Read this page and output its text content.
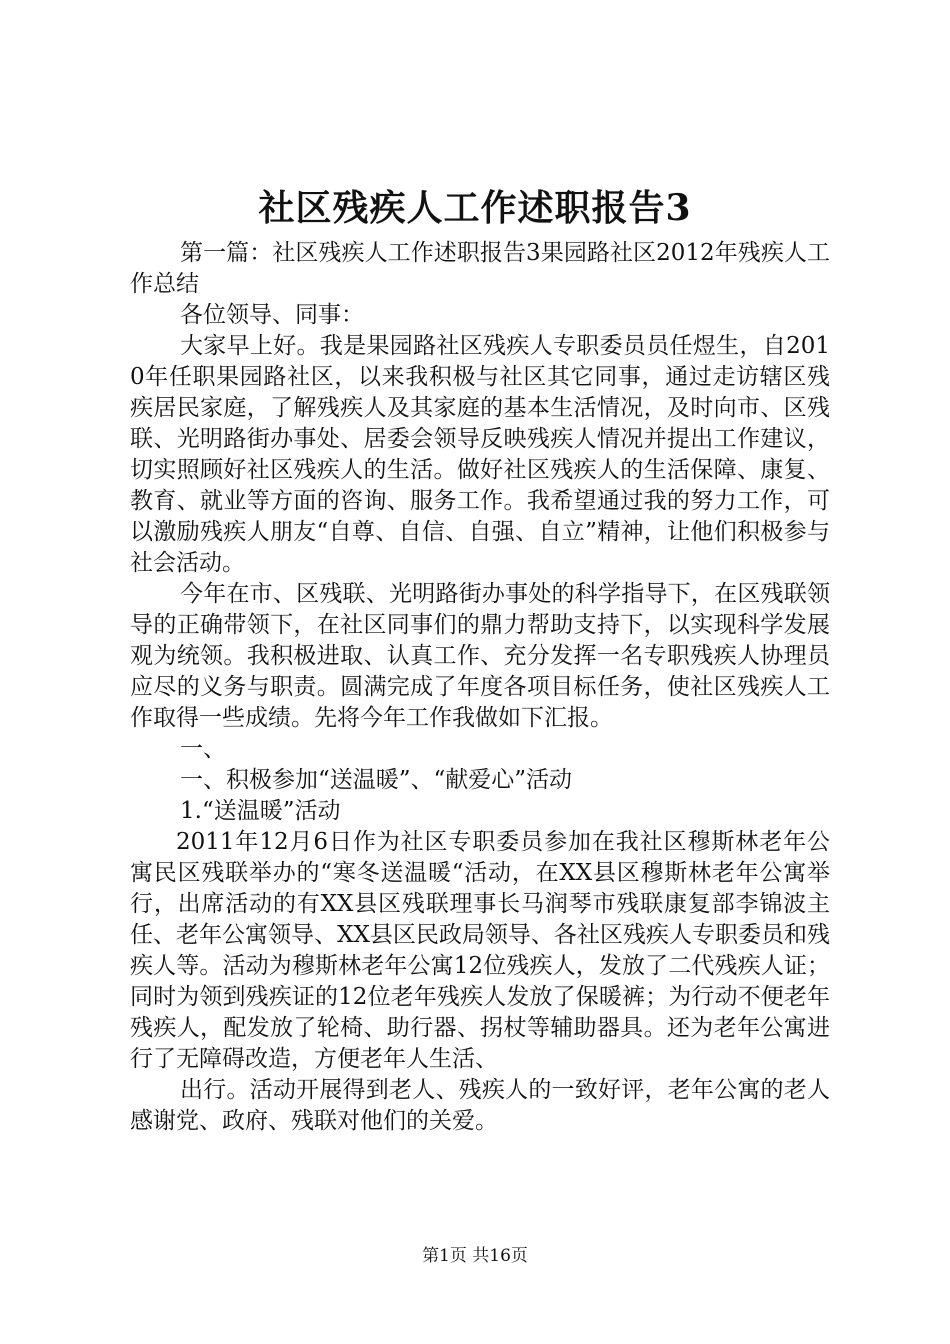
社区残疾人工作述职报告3

第一篇：社区残疾人工作述职报告3果园路社区2012年残疾人工作总结

各位领导、同事：

大家早上好。我是果园路社区残疾人专职委员员任煜生，自2010年任职果园路社区，以来我积极与社区其它同事，通过走访辖区残疾居民家庭，了解残疾人及其家庭的基本生活情况，及时向市、区残联、光明路街办事处、居委会领导反映残疾人情况并提出工作建议，切实照顾好社区残疾人的生活。做好社区残疾人的生活保障、康复、教育、就业等方面的咨询、服务工作。我希望通过我的努力工作，可以激励残疾人朋友“自尊、自信、自强、自立”精神，让他们积极参与社会活动。

今年在市、区残联、光明路街办事处的科学指导下，在区残联领导的正确带领下，在社区同事们的鼎力帮助支持下，以实现科学发展观为统领。我积极进取、认真工作、充分发挥一名专职残疾人协理员应尽的义务与职责。圆满完成了年度各项目标任务，使社区残疾人工作取得一些成绩。先将今年工作我做如下汇报。

一、

一、积极参加“送温暖”、“献爱心”活动

1.“送温暖”活动

2011年12月6日作为社区专职委员参加在我社区穆斯林老年公寓民区残联举办的“寒冬送温暖“活动，在XX县区穆斯林老年公寓举行，出席活动的有XX县区残联理事长马润琴市残联康复部李锦波主任、老年公寓领导、XX县区民政局领导、各社区残疾人专职委员和残疾人等。活动为穆斯林老年公寓12位残疾人，发放了二代残疾人证；同时为领到残疾证的12位老年残疾人发放了保暖裤；为行动不便老年残疾人，配发放了轮椅、助行器、拐杖等辅助器具。还为老年公寓进行了无障碍改造，方便老年人生活、

出行。活动开展得到老人、残疾人的一致好评，老年公寓的老人感谢党、政府、残联对他们的关爱。

第1页 共16页
